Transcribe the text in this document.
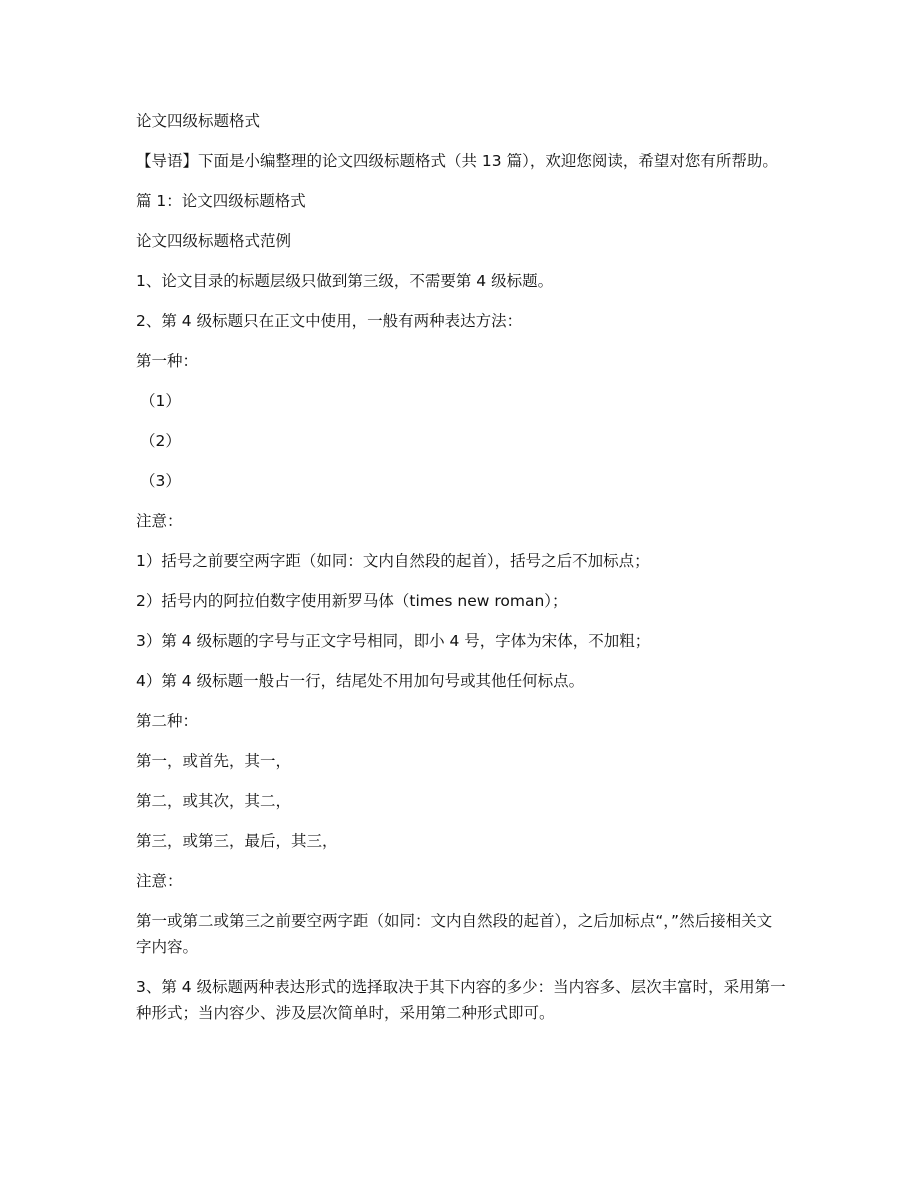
论文四级标题格式

【导语】下面是小编整理的论文四级标题格式（共 13 篇），欢迎您阅读，希望对您有所帮助。

篇 1：论文四级标题格式

论文四级标题格式范例

1、论文目录的标题层级只做到第三级，不需要第 4 级标题。

2、第 4 级标题只在正文中使用，一般有两种表达方法：

第一种：

（1）

（2）

（3）

注意：

1）括号之前要空两字距（如同：文内自然段的起首），括号之后不加标点；

2）括号内的阿拉伯数字使用新罗马体（times new roman）；

3）第 4 级标题的字号与正文字号相同，即小 4 号，字体为宋体，不加粗；

4）第 4 级标题一般占一行，结尾处不用加句号或其他任何标点。

第二种：

第一，或首先，其一，

第二，或其次，其二，

第三，或第三，最后，其三，

注意：

第一或第二或第三之前要空两字距（如同：文内自然段的起首），之后加标点“，”然后接相关文字内容。

3、第 4 级标题两种表达形式的选择取决于其下内容的多少：当内容多、层次丰富时，采用第一种形式；当内容少、涉及层次简单时，采用第二种形式即可。
